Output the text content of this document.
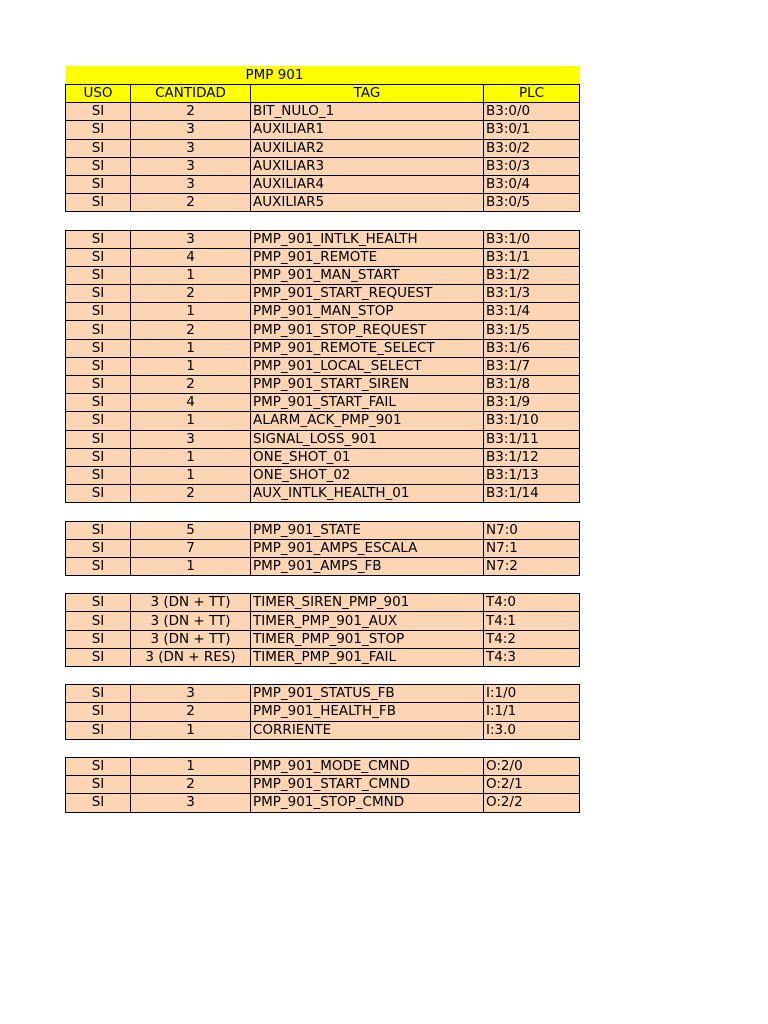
PMP 901			
USO	CANTIDAD	TAG	PLC
SI	2	BIT_NULO_1	B3:0/0
SI	3	AUXILIAR1	B3:0/1
SI	3	AUXILIAR2	B3:0/2
SI	3	AUXILIAR3	B3:0/3
SI	3	AUXILIAR4	B3:0/4
SI	2	AUXILIAR5	B3:0/5

SI	3	PMP_901_INTLK_HEALTH	B3:1/0
SI	4	PMP_901_REMOTE	B3:1/1
SI	1	PMP_901_MAN_START	B3:1/2
SI	2	PMP_901_START_REQUEST	B3:1/3
SI	1	PMP_901_MAN_STOP	B3:1/4
SI	2	PMP_901_STOP_REQUEST	B3:1/5
SI	1	PMP_901_REMOTE_SELECT	B3:1/6
SI	1	PMP_901_LOCAL_SELECT	B3:1/7
SI	2	PMP_901_START_SIREN	B3:1/8
SI	4	PMP_901_START_FAIL	B3:1/9
SI	1	ALARM_ACK_PMP_901	B3:1/10
SI	3	SIGNAL_LOSS_901	B3:1/11
SI	1	ONE_SHOT_01	B3:1/12
SI	1	ONE_SHOT_02	B3:1/13
SI	2	AUX_INTLK_HEALTH_01	B3:1/14

SI	5	PMP_901_STATE	N7:0
SI	7	PMP_901_AMPS_ESCALA	N7:1
SI	1	PMP_901_AMPS_FB	N7:2

SI	3 (DN + TT)	TIMER_SIREN_PMP_901	T4:0
SI	3 (DN + TT)	TIMER_PMP_901_AUX	T4:1
SI	3 (DN + TT)	TIMER_PMP_901_STOP	T4:2
SI	3 (DN + RES)	TIMER_PMP_901_FAIL	T4:3

SI	3	PMP_901_STATUS_FB	I:1/0
SI	2	PMP_901_HEALTH_FB	I:1/1
SI	1	CORRIENTE	I:3.0

SI	1	PMP_901_MODE_CMND	O:2/0
SI	2	PMP_901_START_CMND	O:2/1
SI	3	PMP_901_STOP_CMND	O:2/2
